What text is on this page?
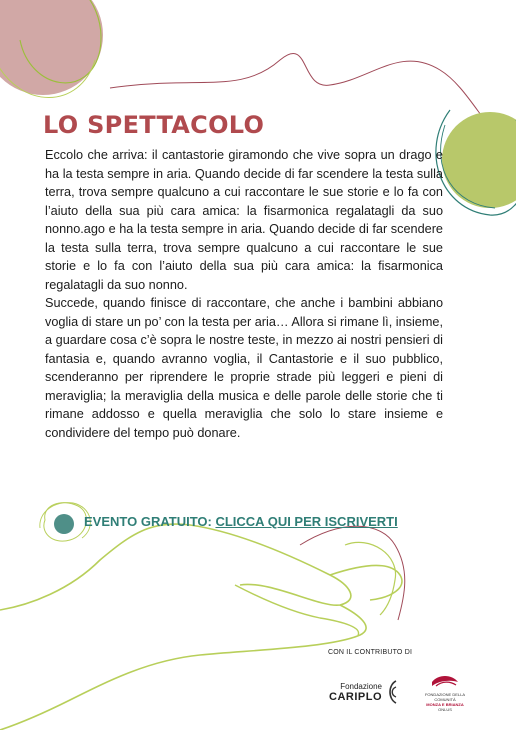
LO SPETTACOLO

Eccolo che arriva: il cantastorie giramondo che vive sopra un drago e ha la testa sempre in aria. Quando decide di far scendere la testa sulla terra, trova sempre qualcuno a cui raccontare le sue storie e lo fa con l’aiuto della sua più cara amica: la fisarmonica regalatagli da suo nonno.ago e ha la testa sempre in aria. Quando decide di far scendere la testa sulla terra, trova sempre qualcuno a cui raccontare le sue storie e lo fa con l’aiuto della sua più cara amica: la fisarmonica regalatagli da suo nonno.

Succede, quando finisce di raccontare, che anche i bambini abbiano voglia di stare un po’ con la testa per aria… Allora si rimane lì, insieme, a guardare cosa c’è sopra le nostre teste, in mezzo ai nostri pensieri di fantasia e, quando avranno voglia, il Cantastorie e il suo pubblico, scenderanno per riprendere le proprie strade più leggeri e pieni di meraviglia; la meraviglia della musica e delle parole delle storie che ti rimane addosso e quella meraviglia che solo lo stare insieme e condividere del tempo può donare.

EVENTO GRATUITO: CLICCA QUI PER ISCRIVERTI
CON IL CONTRIBUTO DI
Fondazione
CARIPLO	FONDAZIONE DELLA COMUNITÀ
MONZA E BRIANZA
ONLUS
